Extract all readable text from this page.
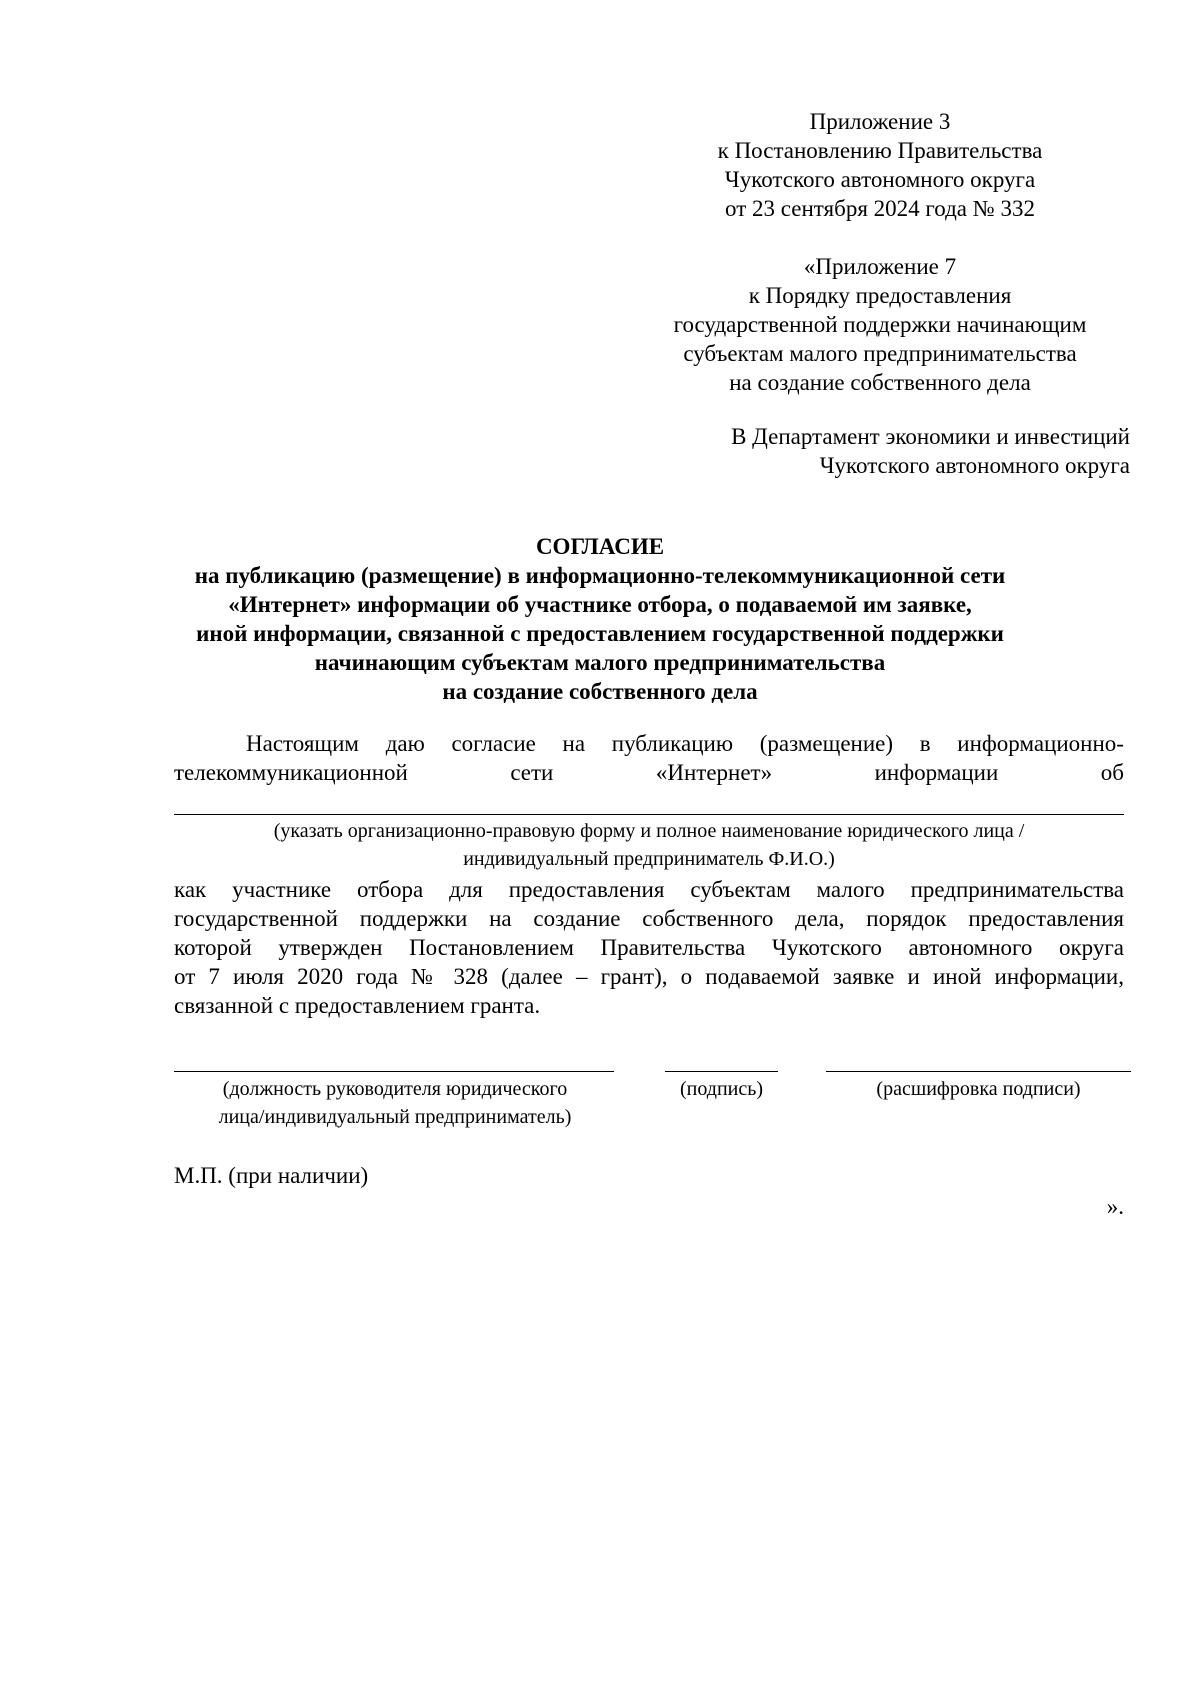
Приложение 3
к Постановлению Правительства
Чукотского автономного округа
от 23 сентября 2024 года № 332
«Приложение 7
к Порядку предоставления
государственной поддержки начинающим
субъектам малого предпринимательства
на создание собственного дела
В Департамент экономики и инвестиций
Чукотского автономного округа
СОГЛАСИЕ
на публикацию (размещение) в информационно-телекоммуникационной сети
«Интернет» информации об участнике отбора, о подаваемой им заявке,
иной информации, связанной с предоставлением государственной поддержки
начинающим субъектам малого предпринимательства
на создание собственного дела
Настоящим даю согласие на публикацию (размещение) в информационно-
телекоммуникационной	сети	«Интернет»	информации	об
(указать организационно-правовую форму и полное наименование юридического лица /
индивидуальный предприниматель Ф.И.О.)
как участнике отбора для предоставления субъектам малого предпринимательства
государственной поддержки на создание собственного дела, порядок предоставления
которой утвержден Постановлением Правительства Чукотского автономного округа
от 7 июля 2020 года № 328 (далее – грант), о подаваемой заявке и иной информации,
связанной с предоставлением гранта.
(должность руководителя юридического
лица/индивидуальный предприниматель)
(подпись)	(расшифровка подписи)
М.П. (при наличии)
».
